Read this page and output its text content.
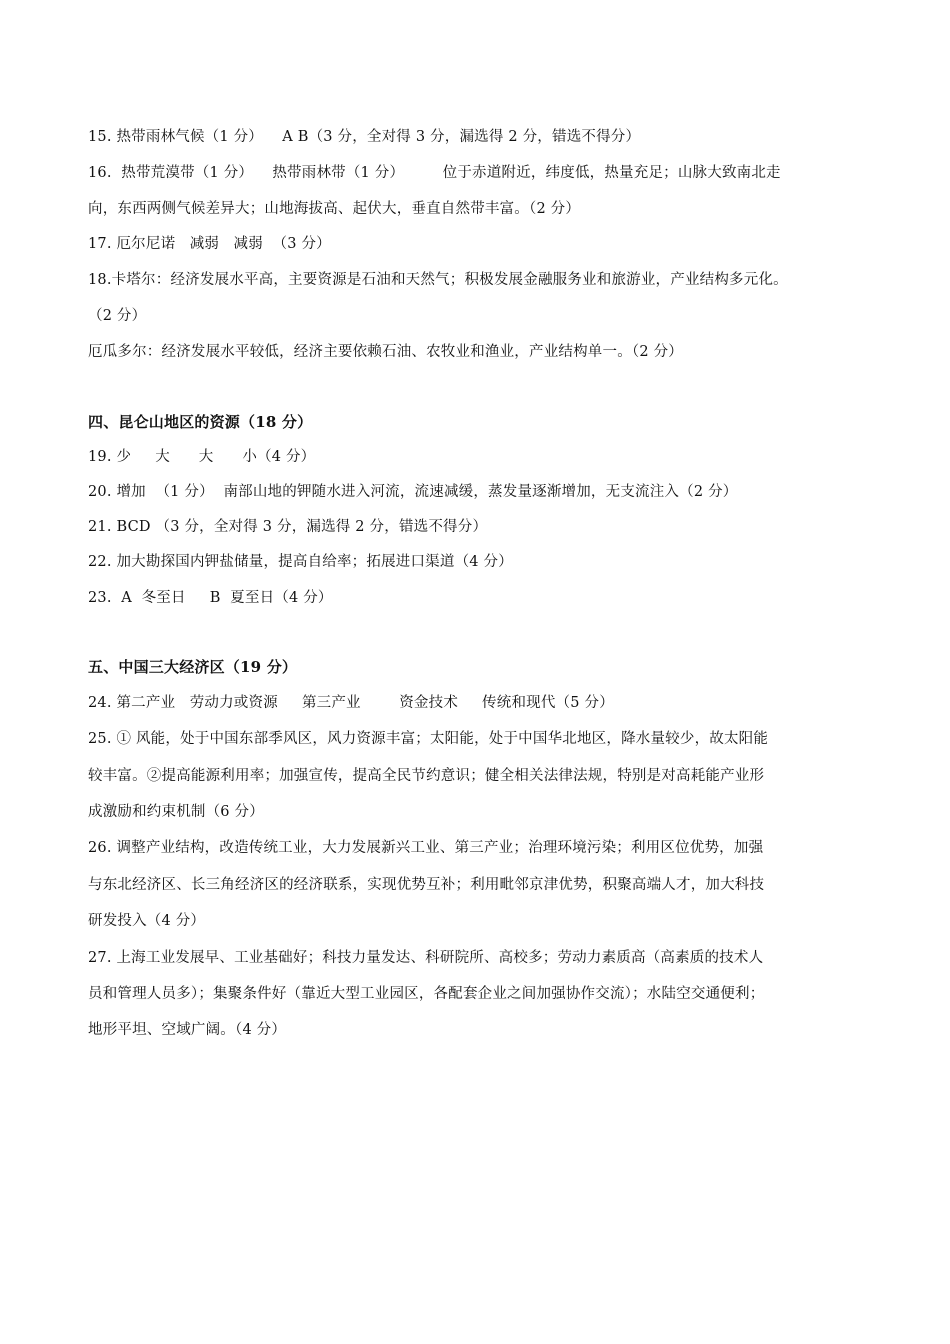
15. 热带雨林气候（1 分）    A B（3 分，全对得 3 分，漏选得 2 分，错选不得分）
16.  热带荒漠带（1 分）    热带雨林带（1 分）        位于赤道附近，纬度低，热量充足；山脉大致南北走
向，东西两侧气候差异大；山地海拔高、起伏大，垂直自然带丰富。（2 分）
17. 厄尔尼诺   减弱   减弱  （3 分）
18.卡塔尔：经济发展水平高，主要资源是石油和天然气；积极发展金融服务业和旅游业，产业结构多元化。
（2 分）
厄瓜多尔：经济发展水平较低，经济主要依赖石油、农牧业和渔业，产业结构单一。（2 分）
四、昆仑山地区的资源（18 分）
19. 少     大      大      小（4 分）
20. 增加  （1 分）  南部山地的钾随水进入河流，流速减缓，蒸发量逐渐增加，无支流注入（2 分）
21. BCD （3 分，全对得 3 分，漏选得 2 分，错选不得分）
22. 加大勘探国内钾盐储量，提高自给率；拓展进口渠道（4 分）
23.  A  冬至日     B  夏至日（4 分）
五、中国三大经济区（19 分）
24. 第二产业   劳动力或资源     第三产业        资金技术     传统和现代（5 分）
25. ① 风能，处于中国东部季风区，风力资源丰富；太阳能，处于中国华北地区，降水量较少，故太阳能
较丰富。②提高能源利用率；加强宣传，提高全民节约意识；健全相关法律法规，特别是对高耗能产业形
成激励和约束机制（6 分）
26. 调整产业结构，改造传统工业，大力发展新兴工业、第三产业；治理环境污染；利用区位优势，加强
与东北经济区、长三角经济区的经济联系，实现优势互补；利用毗邻京津优势，积聚高端人才，加大科技
研发投入（4 分）
27. 上海工业发展早、工业基础好；科技力量发达、科研院所、高校多；劳动力素质高（高素质的技术人
员和管理人员多）；集聚条件好（靠近大型工业园区，各配套企业之间加强协作交流）；水陆空交通便利；
地形平坦、空域广阔。（4 分）
